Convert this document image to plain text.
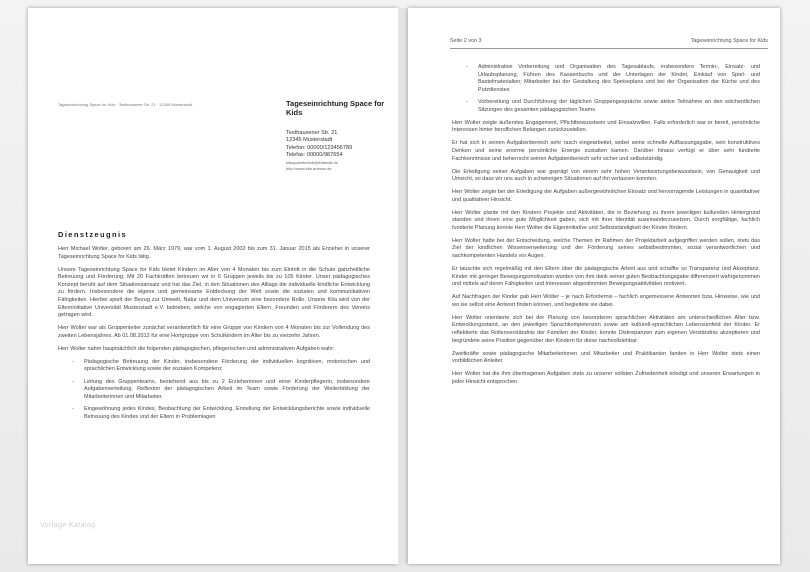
Tageseinrichtung Space for Kids · Testhausener Str. 21 · 12345 Musterstadt	Tageseinrichtung Space for Kids
Testhausener Str. 21
12345 Musterstadt
Telefon: 00000/123456789
Telefax: 00000/987654
kitaspaceforkids@kitamail.de
http://www.kita-animus.de
Dienstzeugnis

Herr Michael Wolter, geboren am 26. März 1979, war vom 1. August 2002 bis zum 31. Januar 2015 als Erzieher in unserer Tageseinrichtung Space for Kids tätig.

Unsere Tageseinrichtung Space for Kids bietet Kindern im Alter von 4 Monaten bis zum Eintritt in die Schule ganzheitliche Betreuung und Förderung. Mit 20 Fachkräften betreuen wir in 6 Gruppen jeweils bis zu 105 Kinder. Unser pädagogisches Konzept beruht auf dem Situationsansatz und hat das Ziel, in den Situationen des Alltags die individuelle kindliche Entwicklung zu fördern. Insbesondere die eigene und gemeinsame Entdeckung der Welt sowie die sozialen und kommunikativen Fähigkeiten. Hierbei spielt der Bezug zur Umwelt, Natur und dem Universum eine besondere Rolle. Unsere Kita wird von der Elterninitiative Universität Musterstadt e.V. betrieben, welche von engagierten Eltern, Freunden und Förderern des Vereins getragen wird.

Herr Wolter war als Gruppenleiter zunächst verantwortlich für eine Gruppe von Kindern von 4 Monaten bis zur Vollendung des zweiten Lebensjahres. Ab 01.08.2012 für eine Hortgruppe von Schulkindern im Alter bis zu vierzehn Jahren.

Herr Wolter nahm hauptsächlich die folgenden pädagogischen, pflegerischen und administrativen Aufgaben wahr:

- Pädagogische Betreuung der Kinder, insbesondere Förderung der individuellen kognitiven, motorischen und sprachlichen Entwicklung sowie der sozialen Kompetenz
- Leitung des Gruppenteams, bestehend aus bis zu 2 Erzieherinnen und einer Kinderpflegerin, insbesondere Aufgabenverteilung, Reflexion der pädagogischen Arbeit im Team sowie Förderung der Weiterbildung der Mitarbeiterinnen und Mitarbeiter.
- Eingewöhnung jedes Kindes, Beobachtung der Entwicklung, Erstellung der Entwicklungsberichte sowie individuelle Betreuung des Kindes und der Eltern in Problemlagen
Vorlage Katalog
Seite 2 von 3	Tageseinrichtung Space for Kids
- Administrative Vorbereitung und Organisation des Tagesablaufs, insbesondere Termin-, Einsatz- und Urlaubsplanung, Führen des Kassenbuchs und der Unterlagen der Kinder, Einkauf von Spiel- und Bastelmaterialien; Mitarbeiter bei der Gestaltung des Speiseplans und bei der Organisation der Küche und des Putzdienstes
- Vorbereitung und Durchführung der täglichen Gruppengespräche sowie aktive Teilnahme an den wöchentlichen Sitzungen des gesamten pädagogischen Teams

Herr Wolter zeigte äußerstes Engagement, Pflichtbewusstsein und Einsatzwillen. Falls erforderlich war er bereit, persönliche Interessen hinter beruflichen Belangen zurückzustellen.

Er hat sich in seinen Aufgabenbereich sehr rasch eingearbeitet, wobei seine schnelle Auffassungsgabe, sein konstruktives Denken und seine enorme persönliche Energie zustatten kamen. Darüber hinaus verfügt er über sehr fundierte Fachkenntnisse und beherrscht seinen Aufgabenbereich sehr sicher und selbstständig.

Die Erledigung seiner Aufgaben war geprägt von einem sehr hohen Verantwortungsbewusstsein, von Genauigkeit und Umsicht, so dass wir uns auch in schwierigen Situationen auf ihn verlassen konnten.

Herr Wolter zeigte bei der Erledigung der Aufgaben außergewöhnlichen Einsatz und hervorragende Leistungen in quantitativer und qualitativer Hinsicht.

Herr Wolter plante mit den Kindern Projekte und Aktivitäten, die in Beziehung zu ihrem jeweiligen kulturellen Hintergrund standen und ihnen eine gute Möglichkeit gaben, sich mit ihrer Identität auseinanderzusetzen. Durch sorgfältige, fachlich fundierte Planung konnte Herr Wolter die Eigeninitiative und Selbstständigkeit der Kinder fördern.

Herr Wolter hatte bei der Entscheidung, welche Themen im Rahmen der Projektarbeit aufgegriffen werden sollen, stets das Ziel der kindlichen Wissenserweiterung und der Förderung seines selbstbestimmten, sozial verantwortlichen und sachkompetenten Handels vor Augen.

Er tauschte sich regelmäßig mit den Eltern über die pädagogische Arbeit aus und schaffte so Transparenz und Akzeptanz. Kinder mit geringer Bewegungsmotivation wurden von ihm dank seiner guten Beobachtungsgabe differenziert wahrgenommen und mittels auf deren Fähigkeiten und Interessen abgestimmten Bewegungsaktivitäten motiviert.

Auf Nachfragen der Kinder gab Herr Wolter – je nach Erfordernis – fachlich angemessene Antworten bzw. Hinweise, wie und wo sie selbst eine Antwort finden können, und begleitete sie dabei.

Herr Wolter orientierte sich bei der Planung von besonderen sprachlichen Aktivitäten am unterschiedlichen Alter bzw. Entwicklungsstand, an den jeweiligen Sprachkompetenzen sowie am kulturell-sprachlichen Lebensumfeld der Kinder. Er reflektierte das Rollenverständnis der Familien der Kinder, konnte Diskrepanzen zum eigenen Verständnis akzeptieren und begründete seine Position gegenüber den Kindern für diese nachvollziehbar.

Zweitkräfte sowie pädagogische Mitarbeiterinnen und Mitarbeiter und Praktikanten fanden in Herr Wolter stets einen vorbildlichen Anleiter.

Herr Wolter hat die ihm übertragenen Aufgaben stets zu unserer vollsten Zufriedenheit erledigt und unseren Erwartungen in jeder Hinsicht entsprochen.
